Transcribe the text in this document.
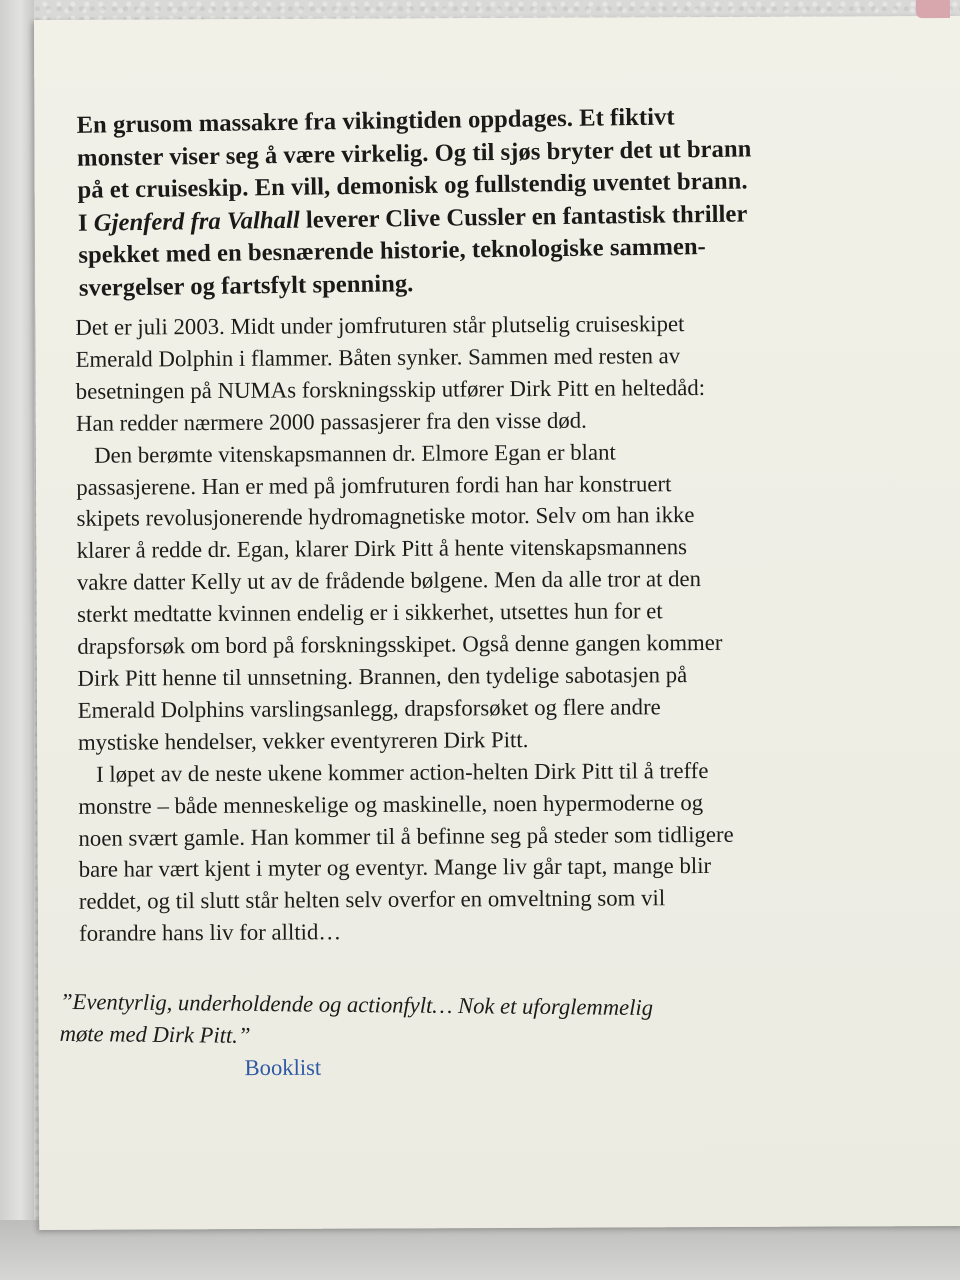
En grusom massakre fra vikingtiden oppdages. Et fiktivt
monster viser seg å være virkelig. Og til sjøs bryter det ut brann
på et cruiseskip. En vill, demonisk og fullstendig uventet brann.
I Gjenferd fra Valhall leverer Clive Cussler en fantastisk thriller
spekket med en besnærende historie, teknologiske sammen-
svergelser og fartsfylt spenning.
Det er juli 2003. Midt under jomfruturen står plutselig cruiseskipet
Emerald Dolphin i flammer. Båten synker. Sammen med resten av
besetningen på NUMAs forskningsskip utfører Dirk Pitt en heltedåd:
Han redder nærmere 2000 passasjerer fra den visse død.
Den berømte vitenskapsmannen dr. Elmore Egan er blant
passasjerene. Han er med på jomfruturen fordi han har konstruert
skipets revolusjonerende hydromagnetiske motor. Selv om han ikke
klarer å redde dr. Egan, klarer Dirk Pitt å hente vitenskapsmannens
vakre datter Kelly ut av de frådende bølgene. Men da alle tror at den
sterkt medtatte kvinnen endelig er i sikkerhet, utsettes hun for et
drapsforsøk om bord på forskningsskipet. Også denne gangen kommer
Dirk Pitt henne til unnsetning. Brannen, den tydelige sabotasjen på
Emerald Dolphins varslingsanlegg, drapsforsøket og flere andre
mystiske hendelser, vekker eventyreren Dirk Pitt.
I løpet av de neste ukene kommer action-helten Dirk Pitt til å treffe
monstre – både menneskelige og maskinelle, noen hypermoderne og
noen svært gamle. Han kommer til å befinne seg på steder som tidligere
bare har vært kjent i myter og eventyr. Mange liv går tapt, mange blir
reddet, og til slutt står helten selv overfor en omveltning som vil
forandre hans liv for alltid…
”Eventyrlig, underholdende og actionfylt… Nok et uforglemmelig
møte med Dirk Pitt.”
Booklist
